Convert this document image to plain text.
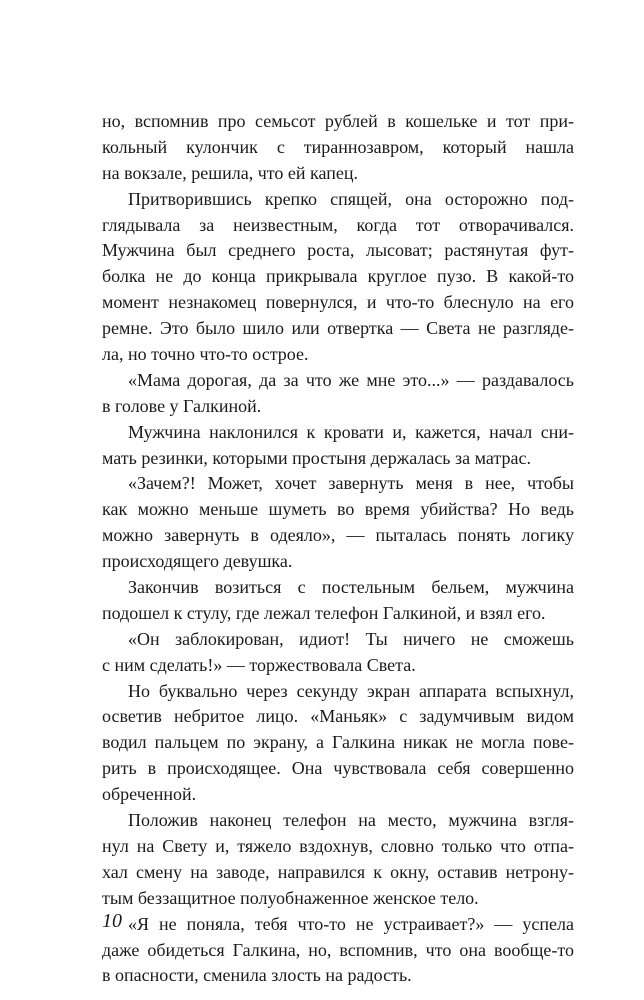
но, вспомнив про семьсот рублей в кошельке и тот при-
кольный кулончик с тираннозавром, который нашла
на вокзале, решила, что ей капец.
Притворившись крепко спящей, она осторожно под-
глядывала за неизвестным, когда тот отворачивался.
Мужчина был среднего роста, лысоват; растянутая фут-
болка не до конца прикрывала круглое пузо. В какой-то
момент незнакомец повернулся, и что-то блеснуло на его
ремне. Это было шило или отвертка — Света не разгляде-
ла, но точно что-то острое.
«Мама дорогая, да за что же мне это...» — раздавалось
в голове у Галкиной.
Мужчина наклонился к кровати и, кажется, начал сни-
мать резинки, которыми простыня держалась за матрас.
«Зачем?! Может, хочет завернуть меня в нее, чтобы
как можно меньше шуметь во время убийства? Но ведь
можно завернуть в одеяло», — пыталась понять логику
происходящего девушка.
Закончив возиться с постельным бельем, мужчина
подошел к стулу, где лежал телефон Галкиной, и взял его.
«Он заблокирован, идиот! Ты ничего не сможешь
с ним сделать!» — торжествовала Света.
Но буквально через секунду экран аппарата вспыхнул,
осветив небритое лицо. «Маньяк» с задумчивым видом
водил пальцем по экрану, а Галкина никак не могла пове-
рить в происходящее. Она чувствовала себя совершенно
обреченной.
Положив наконец телефон на место, мужчина взгля-
нул на Свету и, тяжело вздохнув, словно только что отпа-
хал смену на заводе, направился к окну, оставив нетрону-
тым беззащитное полуобнаженное женское тело.
«Я не поняла, тебя что-то не устраивает?» — успела
даже обидеться Галкина, но, вспомнив, что она вообще-то
в опасности, сменила злость на радость.
10
